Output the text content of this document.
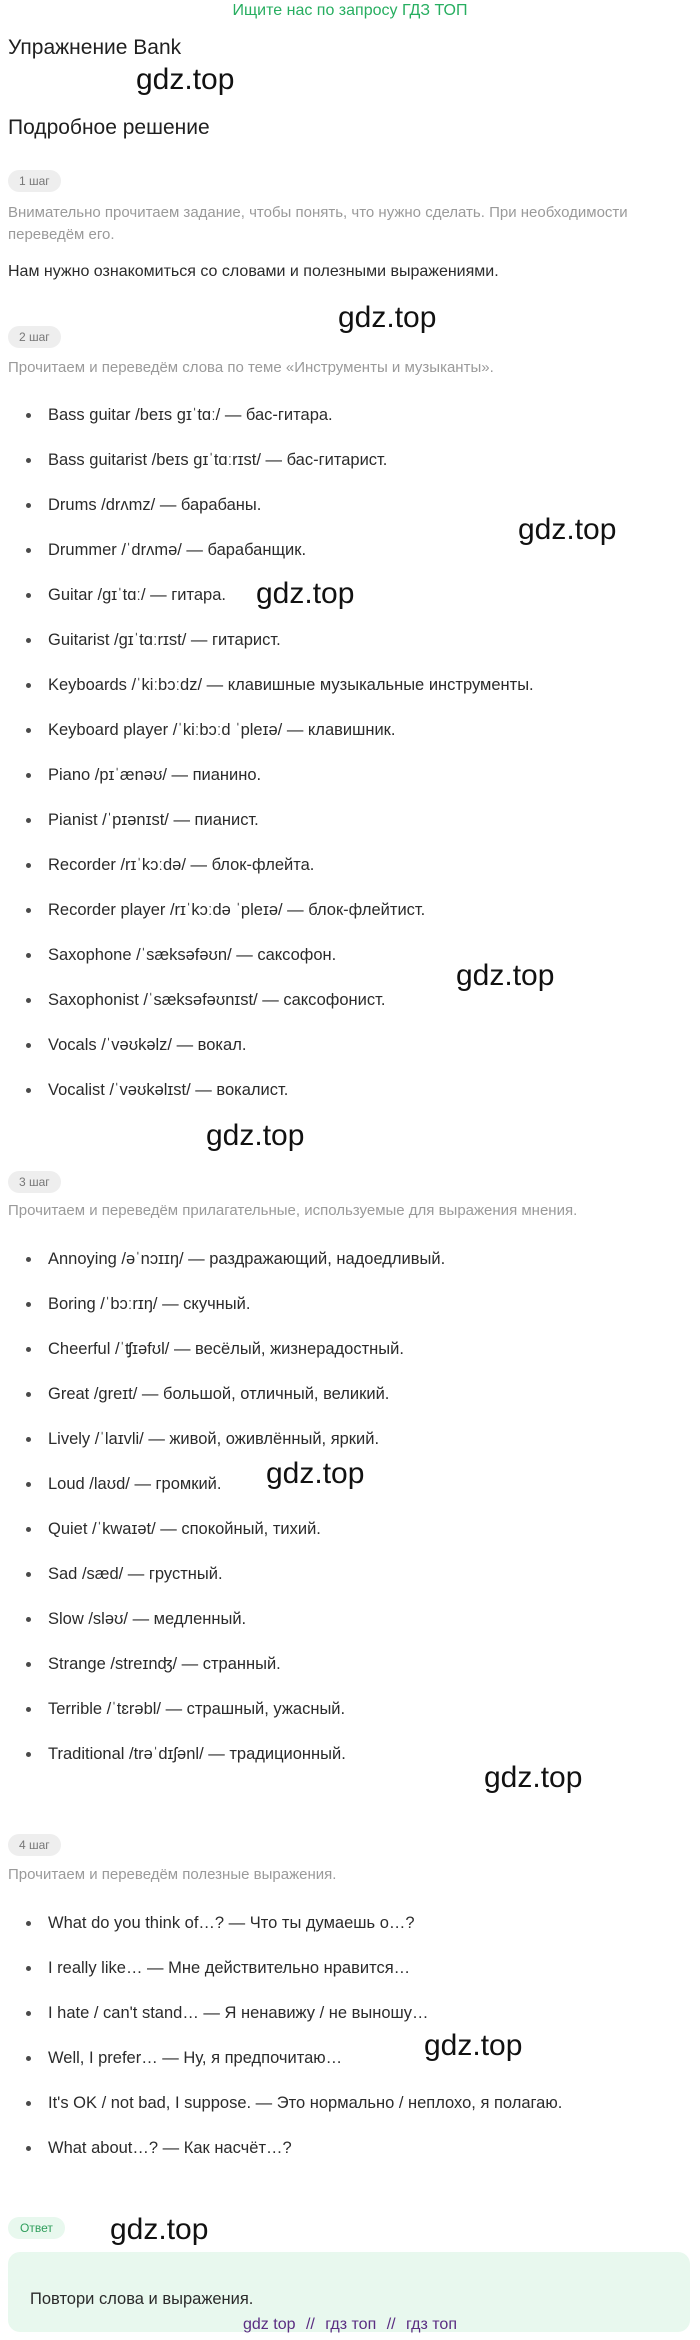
Ищите нас по запросу ГДЗ ТОП
Упражнение Bank
gdz.top
Подробное решение
1 шаг
Внимательно прочитаем задание, чтобы понять, что нужно сделать. При необходимости переведём его.
Нам нужно ознакомиться со словами и полезными выражениями.
2 шаг
gdz.top
Прочитаем и переведём слова по теме «Инструменты и музыканты».
Bass guitar /beɪs gɪˈtɑː/ — бас-гитара.
Bass guitarist /beɪs gɪˈtɑːrɪst/ — бас-гитарист.
Drums /drʌmz/ — барабаны.
Drummer /ˈdrʌmə/ — барабанщик.
Guitar /gɪˈtɑː/ — гитара.
Guitarist /gɪˈtɑːrɪst/ — гитарист.
Keyboards /ˈkiːbɔːdz/ — клавишные музыкальные инструменты.
Keyboard player /ˈkiːbɔːd ˈpleɪə/ — клавишник.
Piano /pɪˈænəʊ/ — пианино.
Pianist /ˈpɪənɪst/ — пианист.
Recorder /rɪˈkɔːdə/ — блок-флейта.
Recorder player /rɪˈkɔːdə ˈpleɪə/ — блок-флейтист.
Saxophone /ˈsæksəfəʊn/ — саксофон.
Saxophonist /ˈsæksəfəʊnɪst/ — саксофонист.
Vocals /ˈvəʊkəlz/ — вокал.
Vocalist /ˈvəʊkəlɪst/ — вокалист.
gdz.top
gdz.top
gdz.top
gdz.top
3 шаг
Прочитаем и переведём прилагательные, используемые для выражения мнения.
Annoying /əˈnɔɪɪŋ/ — раздражающий, надоедливый.
Boring /ˈbɔːrɪŋ/ — скучный.
Cheerful /ˈʧɪəfʊl/ — весёлый, жизнерадостный.
Great /greɪt/ — большой, отличный, великий.
Lively /ˈlaɪvli/ — живой, оживлённый, яркий.
Loud /laʊd/ — громкий.
Quiet /ˈkwaɪət/ — спокойный, тихий.
Sad /sæd/ — грустный.
Slow /sləʊ/ — медленный.
Strange /streɪnʤ/ — странный.
Terrible /ˈtɛrəbl/ — страшный, ужасный.
Traditional /trəˈdɪʃənl/ — традиционный.
gdz.top
gdz.top
4 шаг
Прочитаем и переведём полезные выражения.
What do you think of…? — Что ты думаешь о…?
I really like… — Мне действительно нравится…
I hate / can't stand… — Я ненавижу / не выношу…
Well, I prefer… — Ну, я предпочитаю…
It's OK / not bad, I suppose. — Это нормально / неплохо, я полагаю.
What about…? — Как насчёт…?
gdz.top
Ответ	gdz.top
Повтори слова и выражения.
gdz top // гдз топ // гдз топ
